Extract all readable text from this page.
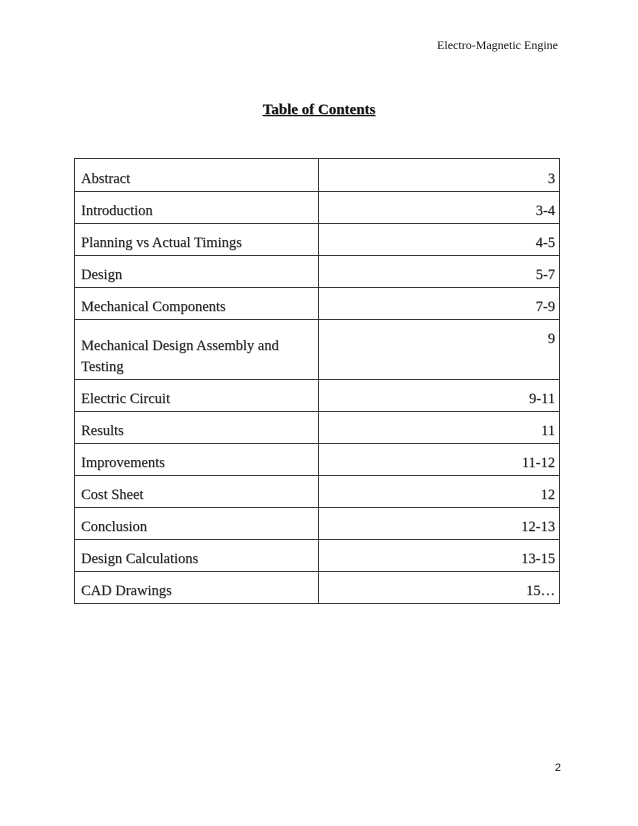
Electro-Magnetic Engine
Table of Contents
Abstract	3
Introduction	3-4
Planning vs Actual Timings	4-5
Design	5-7
Mechanical Components	7-9
Mechanical Design Assembly and Testing	9
Electric Circuit	9-11
Results	11
Improvements	11-12
Cost Sheet	12
Conclusion	12-13
Design Calculations	13-15
CAD Drawings	15…
2
